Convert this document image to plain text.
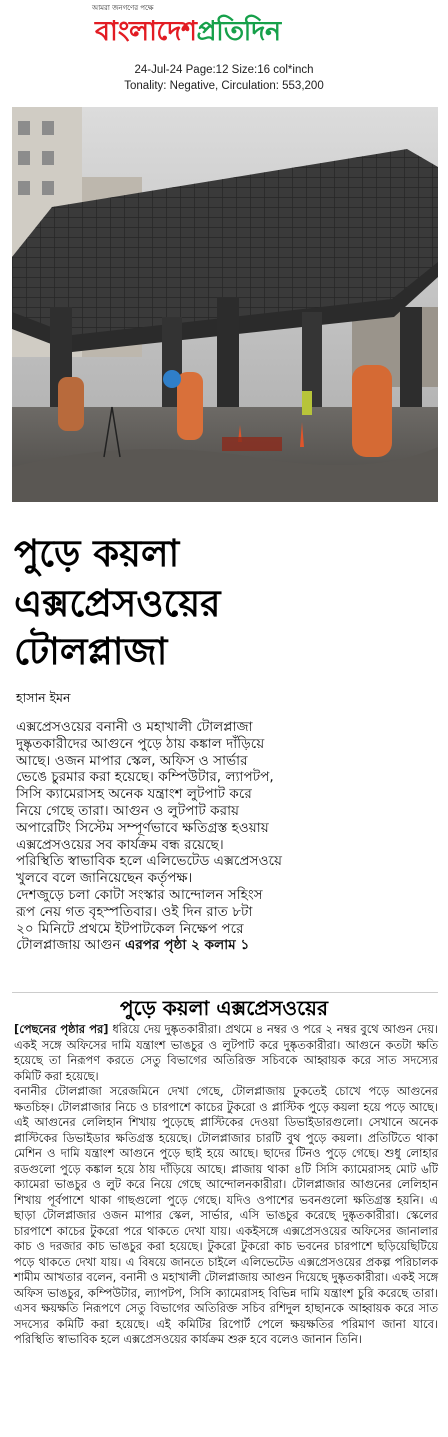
আমরা জনগণের পক্ষে
বাংলাদেশপ্রতিদিন
24-Jul-24 Page:12 Size:16 col*inch
Tonality: Negative, Circulation: 553,200
পুড়ে কয়লা
এক্সপ্রেসওয়ের
টোলপ্লাজা
হাসান ইমন

এক্সপ্রেসওয়ের বনানী ও মহাখালী টোলপ্লাজা

দুষ্কৃতকারীদের আগুনে পুড়ে ঠায় কঙ্কাল দাঁড়িয়ে

আছে। ওজন মাপার স্কেল, অফিস ও সার্ভার

ভেঙে চুরমার করা হয়েছে। কম্পিউটার, ল্যাপটপ,

সিসি ক্যামেরাসহ অনেক যন্ত্রাংশ লুটপাট করে

নিয়ে গেছে তারা। আগুন ও লুটপাট করায়

অপারেটিং সিস্টেম সম্পূর্ণভাবে ক্ষতিগ্রস্ত হওয়ায়

এক্সপ্রেসওয়ের সব কার্যক্রম বন্ধ রয়েছে।

পরিস্থিতি স্বাভাবিক হলে এলিভেটেড এক্সপ্রেসওয়ে

খুলবে বলে জানিয়েছেন কর্তৃপক্ষ।

দেশজুড়ে চলা কোটা সংস্কার আন্দোলন সহিংস

রূপ নেয় গত বৃহস্পতিবার। ওই দিন রাত ৮টা

২০ মিনিটে প্রথমে ইটপাটকেল নিক্ষেপ পরে

টোলপ্লাজায় আগুন এরপর পৃষ্ঠা ২ কলাম ১

পুড়ে কয়লা এক্সপ্রেসওয়ের

[পেছনের পৃষ্ঠার পর] ধরিয়ে দেয় দুষ্কৃতকারীরা। প্রথমে ৪ নম্বর ও পরে ২ নম্বর বুথে আগুন দেয়। একই সঙ্গে অফিসের দামি যন্ত্রাংশ ভাঙচুর ও লুটপাট করে দুষ্কৃতকারীরা। আগুনে কতটা ক্ষতি হয়েছে তা নিরূপণ করতে সেতু বিভাগের অতিরিক্ত সচিবকে আহ্বায়ক করে সাত সদস্যের কমিটি করা হয়েছে।

বনানীর টোলপ্লাজা সরেজমিনে দেখা গেছে, টোলপ্লাজায় ঢুকতেই চোখে পড়ে আগুনের ক্ষতচিহ্ন। টোলপ্লাজার নিচে ও চারপাশে কাচের টুকরো ও প্লাস্টিক পুড়ে কয়লা হয়ে পড়ে আছে। এই আগুনের লেলিহান শিখায় পুড়েছে প্লাস্টিকের দেওয়া ডিভাইডারগুলো। সেখানে অনেক প্লাস্টিকের ডিভাইডার ক্ষতিগ্রস্ত হয়েছে। টোলপ্লাজার চারটি বুথ পুড়ে কয়লা। প্রতিটিতে থাকা মেশিন ও দামি যন্ত্রাংশ আগুনে পুড়ে ছাই হয়ে আছে। ছাদের টিনও পুড়ে গেছে। শুধু লোহার রডগুলো পুড়ে কঙ্কাল হয়ে ঠায় দাঁড়িয়ে আছে। প্লাজায় থাকা ৪টি সিসি ক্যামেরাসহ মোট ৬টি ক্যামেরা ভাঙচুর ও লুট করে নিয়ে গেছে আন্দোলনকারীরা। টোলপ্লাজার আগুনের লেলিহান শিখায় পূর্বপাশে থাকা গাছগুলো পুড়ে গেছে। যদিও ওপাশের ভবনগুলো ক্ষতিগ্রস্ত হয়নি। এ ছাড়া টোলপ্লাজার ওজন মাপার স্কেল, সার্ভার, এসি ভাঙচুর করেছে দুষ্কৃতকারীরা। স্কেলের চারপাশে কাচের টুকরো পরে থাকতে দেখা যায়। একইসঙ্গে এক্সপ্রেসওয়ের অফিসের জানালার কাচ ও দরজার কাচ ভাঙচুর করা হয়েছে। টুকরো টুকরো কাচ ভবনের চারপাশে ছড়িয়েছিটিয়ে পড়ে থাকতে দেখা যায়। এ বিষয়ে জানতে চাইলে এলিভেটেড এক্সপ্রেসওয়ের প্রকল্প পরিচালক শামীম আখতার বলেন, বনানী ও মহাখালী টোলপ্লাজায় আগুন দিয়েছে দুষ্কৃতকারীরা। একই সঙ্গে অফিস ভাঙচুর, কম্পিউটার, ল্যাপটপ, সিসি ক্যামেরাসহ বিভিন্ন দামি যন্ত্রাংশ চুরি করেছে তারা। এসব ক্ষয়ক্ষতি নিরূপণে সেতু বিভাগের অতিরিক্ত সচিব রশিদুল হাছানকে আহ্বায়ক করে সাত সদস্যের কমিটি করা হয়েছে। এই কমিটির রিপোর্ট পেলে ক্ষয়ক্ষতির পরিমাণ জানা যাবে। পরিস্থিতি স্বাভাবিক হলে এক্সপ্রেসওয়ের কার্যক্রম শুরু হবে বলেও জানান তিনি।
